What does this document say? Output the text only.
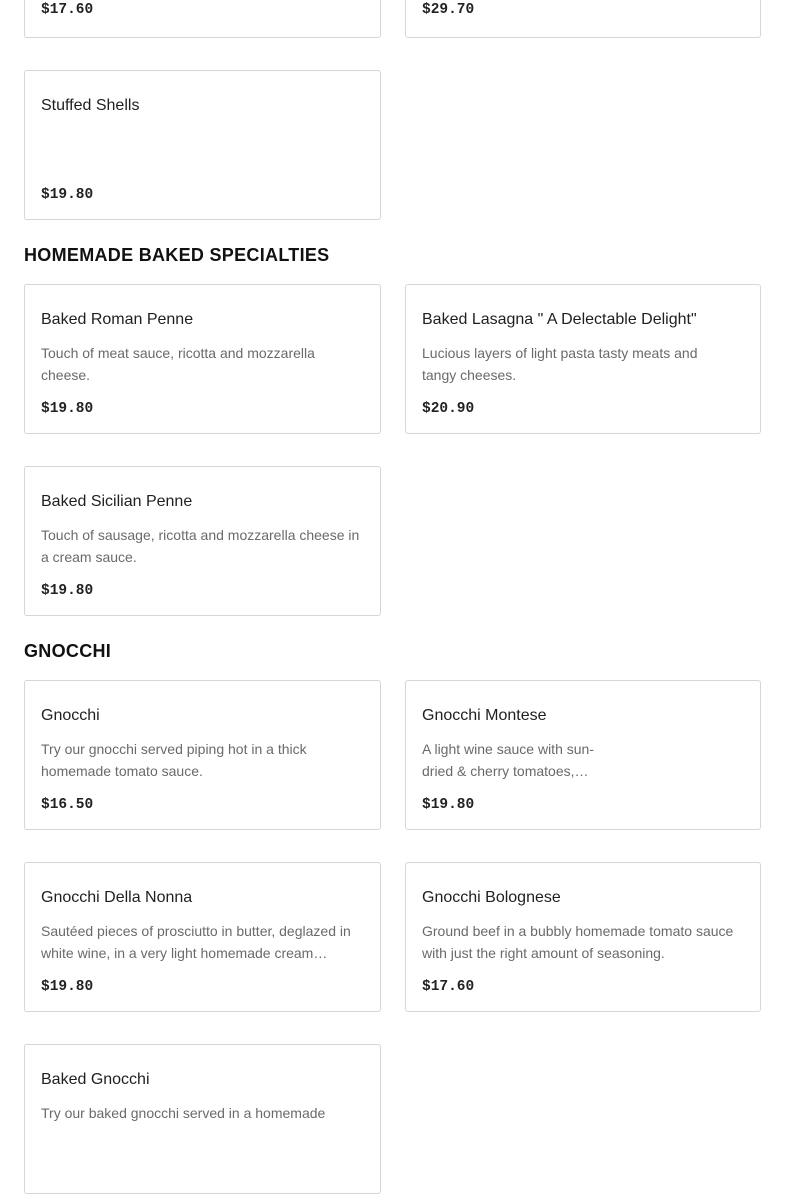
$17.60	$29.70
Stuffed Shells
$19.80
HOMEMADE BAKED SPECIALTIES
Baked Roman Penne
Touch of meat sauce, ricotta and mozzarella cheese.
$19.80
Baked Lasagna " A Delectable Delight"
Lucious layers of light pasta tasty meats and tangy cheeses.
$20.90
Baked Sicilian Penne
Touch of sausage, ricotta and mozzarella cheese in a cream sauce.
$19.80
GNOCCHI
Gnocchi
Try our gnocchi served piping hot in a thick homemade tomato sauce.
$16.50
Gnocchi Montese
A light wine sauce with sun-dried & cherry tomatoes,…
$19.80
Gnocchi Della Nonna
Sautéed pieces of prosciutto in butter, deglazed in white wine, in a very light homemade cream…
$19.80
Gnocchi Bolognese
Ground beef in a bubbly homemade tomato sauce with just the right amount of seasoning.
$17.60
Baked Gnocchi
Try our baked gnocchi served in a homemade
